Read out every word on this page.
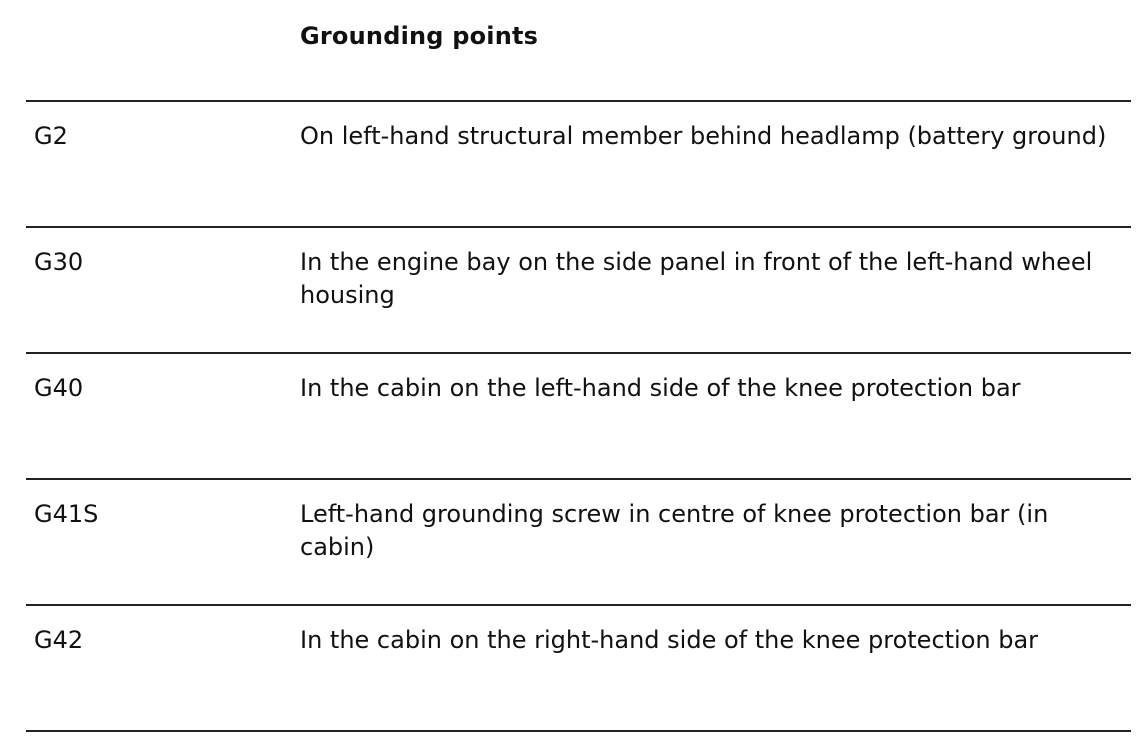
Grounding points
G2	On left-hand structural member behind headlamp (battery ground)
G30	In the engine bay on the side panel in front of the left-hand wheel housing
G40	In the cabin on the left-hand side of the knee protection bar
G41S	Left-hand grounding screw in centre of knee protection bar (in cabin)
G42	In the cabin on the right-hand side of the knee protection bar
